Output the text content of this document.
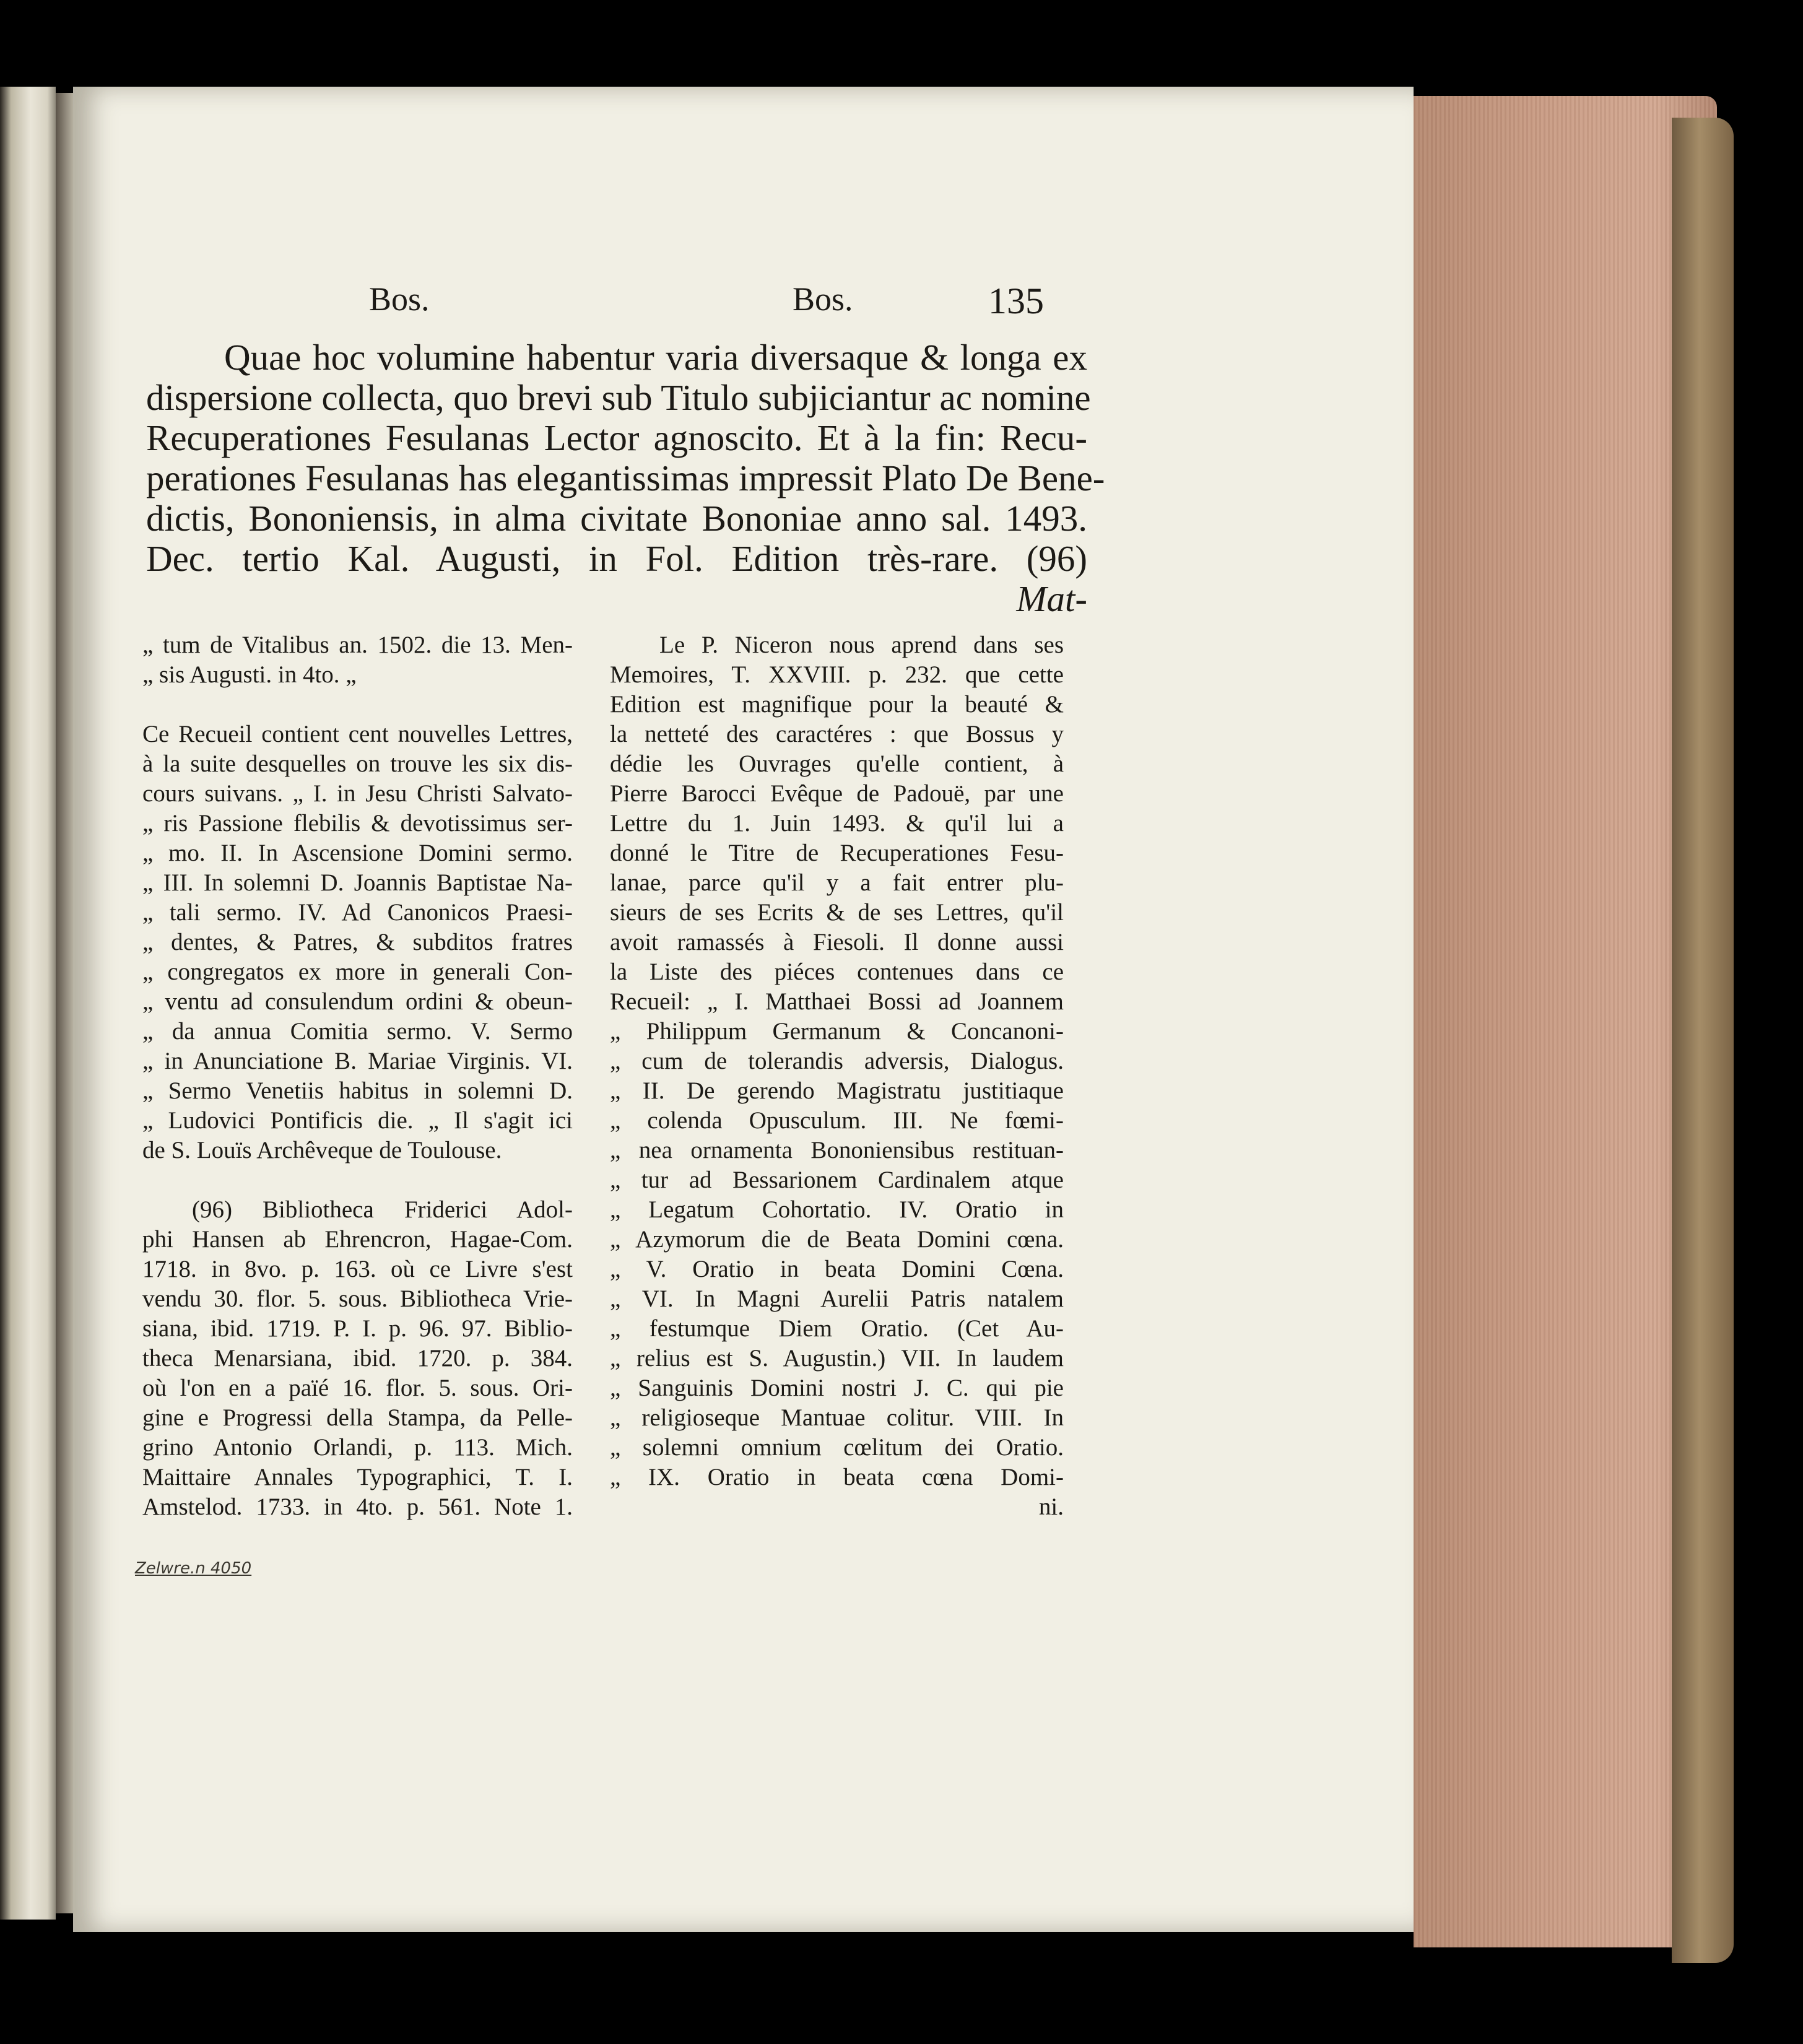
Bos.	Bos.	135
Quae hoc volumine habentur varia diversaque & longa ex
dispersione collecta, quo brevi sub Titulo subjiciantur ac nomine
Recuperationes Fesulanas Lector agnoscito. Et à la fin: Recu-
perationes Fesulanas has elegantissimas impressit Plato De Bene-
dictis, Bononiensis, in alma civitate Bononiae anno sal. 1493.
Dec. tertio Kal. Augusti, in Fol. Edition très-rare. (96)
Mat-
„ tum de Vitalibus an. 1502. die 13. Men-
„ sis Augusti. in 4to. „
Ce Recueil contient cent nouvelles Lettres,
à la suite desquelles on trouve les six dis-
cours suivans. „ I. in Jesu Christi Salvato-
„ ris Passione flebilis & devotissimus ser-
„ mo. II. In Ascensione Domini sermo.
„ III. In solemni D. Joannis Baptistae Na-
„ tali sermo. IV. Ad Canonicos Praesi-
„ dentes, & Patres, & subditos fratres
„ congregatos ex more in generali Con-
„ ventu ad consulendum ordini & obeun-
„ da annua Comitia sermo. V. Sermo
„ in Anunciatione B. Mariae Virginis. VI.
„ Sermo Venetiis habitus in solemni D.
„ Ludovici Pontificis die. „ Il s'agit ici
de S. Louïs Archêveque de Toulouse.
(96) Bibliotheca Friderici Adol-
phi Hansen ab Ehrencron, Hagae-Com.
1718. in 8vo. p. 163. où ce Livre s'est
vendu 30. flor. 5. sous. Bibliotheca Vrie-
siana, ibid. 1719. P. I. p. 96. 97. Biblio-
theca Menarsiana, ibid. 1720. p. 384.
où l'on en a païé 16. flor. 5. sous. Ori-
gine e Progressi della Stampa, da Pelle-
grino Antonio Orlandi, p. 113. Mich.
Maittaire Annales Typographici, T. I.
Amstelod. 1733. in 4to. p. 561. Note 1.
Zelwre.n 4050
Le P. Niceron nous aprend dans ses
Memoires, T. XXVIII. p. 232. que cette
Edition est magnifique pour la beauté &
la netteté des caractéres : que Bossus y
dédie les Ouvrages qu'elle contient, à
Pierre Barocci Evêque de Padouë, par une
Lettre du 1. Juin 1493. & qu'il lui a
donné le Titre de Recuperationes Fesu-
lanae, parce qu'il y a fait entrer plu-
sieurs de ses Ecrits & de ses Lettres, qu'il
avoit ramassés à Fiesoli. Il donne aussi
la Liste des piéces contenues dans ce
Recueil: „ I. Matthaei Bossi ad Joannem
„ Philippum Germanum & Concanoni-
„ cum de tolerandis adversis, Dialogus.
„ II. De gerendo Magistratu justitiaque
„ colenda Opusculum. III. Ne fœmi-
„ nea ornamenta Bononiensibus restituan-
„ tur ad Bessarionem Cardinalem atque
„ Legatum Cohortatio. IV. Oratio in
„ Azymorum die de Beata Domini cœna.
„ V. Oratio in beata Domini Cœna.
„ VI. In Magni Aurelii Patris natalem
„ festumque Diem Oratio. (Cet Au-
„ relius est S. Augustin.) VII. In laudem
„ Sanguinis Domini nostri J. C. qui pie
„ religioseque Mantuae colitur. VIII. In
„ solemni omnium cœlitum dei Oratio.
„ IX. Oratio in beata cœna Domi-
ni.
